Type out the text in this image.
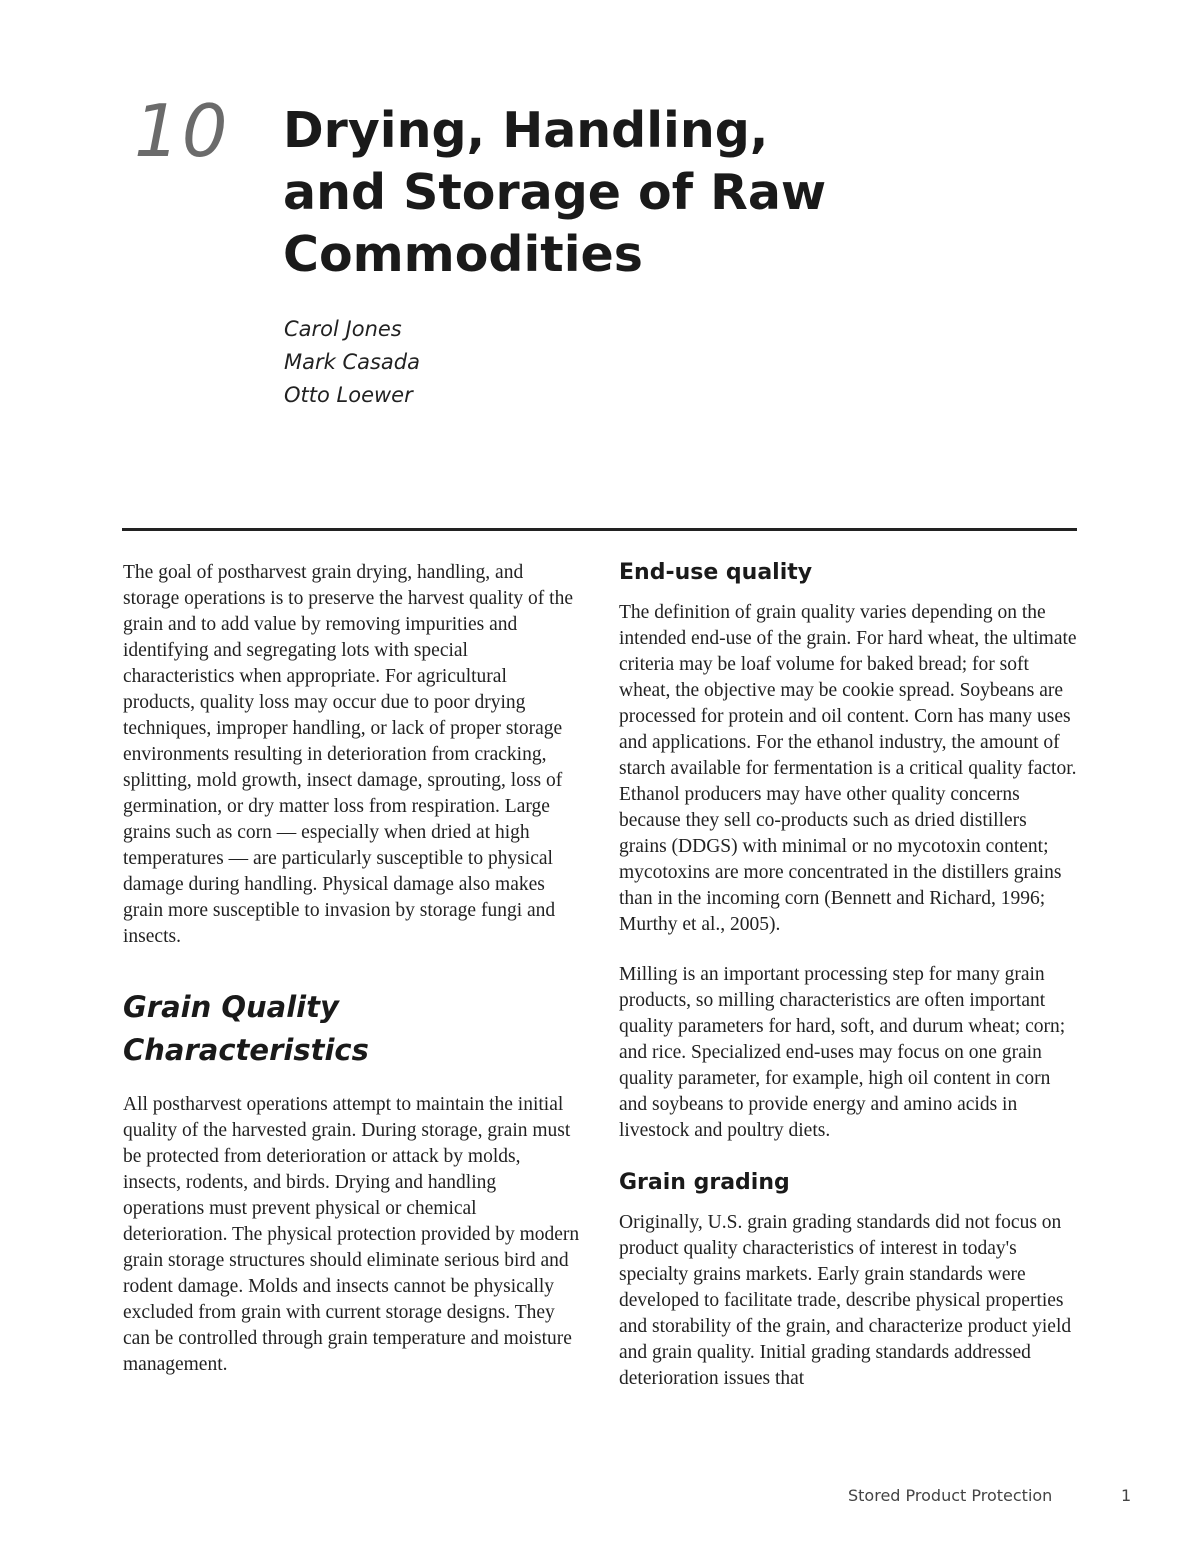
10 Drying, Handling,
and Storage of Raw
Commodities
Carol Jones
Mark Casada
Otto Loewer

The goal of postharvest grain drying, handling, and storage operations is to preserve the harvest quality of the grain and to add value by removing impurities and identifying and segregating lots with special characteristics when appropriate. For agricultural products, quality loss may occur due to poor drying techniques, improper handling, or lack of proper storage environments resulting in deterioration from cracking, splitting, mold growth, insect damage, sprouting, loss of germination, or dry matter loss from respiration. Large grains such as corn — especially when dried at high temperatures — are particularly susceptible to physical damage during handling. Physical damage also makes grain more susceptible to invasion by storage fungi and insects.

Grain Quality
Characteristics

All postharvest operations attempt to maintain the initial quality of the harvested grain. During storage, grain must be protected from deterioration or attack by molds, insects, rodents, and birds. Drying and handling operations must prevent physical or chemical deterioration. The physical protection provided by modern grain storage structures should eliminate serious bird and rodent damage. Molds and insects cannot be physically excluded from grain with current storage designs. They can be controlled through grain temperature and moisture management.

End-use quality

The definition of grain quality varies depending on the intended end-use of the grain. For hard wheat, the ultimate criteria may be loaf volume for baked bread; for soft wheat, the objective may be cookie spread. Soybeans are processed for protein and oil content. Corn has many uses and applications. For the ethanol industry, the amount of starch available for fermentation is a critical quality factor. Ethanol producers may have other quality concerns because they sell co-products such as dried distillers grains (DDGS) with minimal or no mycotoxin content; mycotoxins are more concentrated in the distillers grains than in the incoming corn (Bennett and Richard, 1996; Murthy et al., 2005).

Milling is an important processing step for many grain products, so milling characteristics are often important quality parameters for hard, soft, and durum wheat; corn; and rice. Specialized end-uses may focus on one grain quality parameter, for example, high oil content in corn and soybeans to provide energy and amino acids in livestock and poultry diets.

Grain grading

Originally, U.S. grain grading standards did not focus on product quality characteristics of interest in today's specialty grains markets. Early grain standards were developed to facilitate trade, describe physical properties and storability of the grain, and characterize product yield and grain quality. Initial grading standards addressed deterioration issues that

Stored Product Protection	1
